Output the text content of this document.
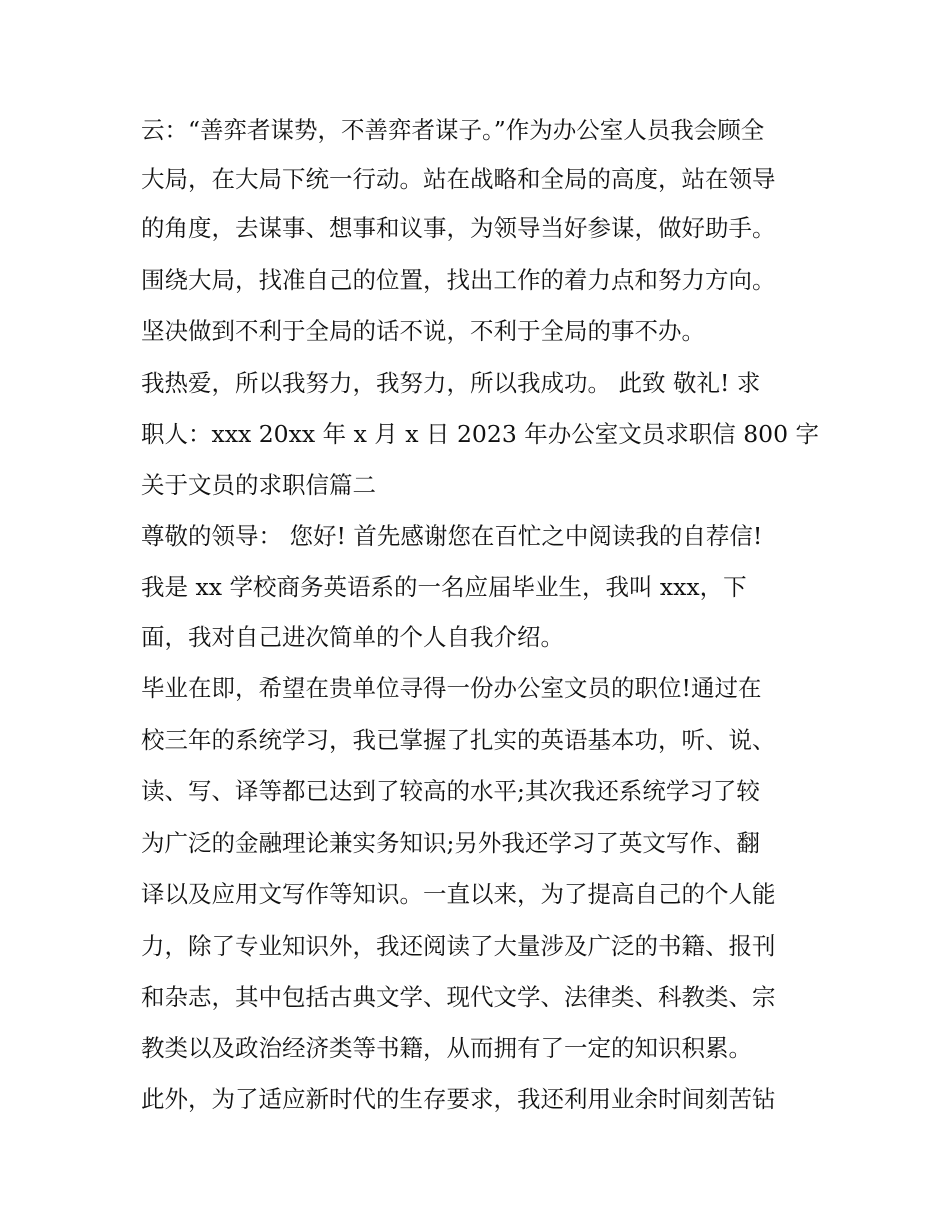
云：“善弈者谋势，不善弈者谋子。”作为办公室人员我会顾全
大局，在大局下统一行动。站在战略和全局的高度，站在领导
的角度，去谋事、想事和议事，为领导当好参谋，做好助手。
围绕大局，找准自己的位置，找出工作的着力点和努力方向。
坚决做到不利于全局的话不说，不利于全局的事不办。
我热爱，所以我努力，我努力，所以我成功。 此致 敬礼! 求
职人：xxx 20xx 年 x 月 x 日 2023 年办公室文员求职信 800 字
关于文员的求职信篇二
尊敬的领导： 您好! 首先感谢您在百忙之中阅读我的自荐信!
我是 xx 学校商务英语系的一名应届毕业生，我叫 xxx，下
面，我对自己进次简单的个人自我介绍。
毕业在即，希望在贵单位寻得一份办公室文员的职位!通过在
校三年的系统学习，我已掌握了扎实的英语基本功，听、说、
读、写、译等都已达到了较高的水平;其次我还系统学习了较
为广泛的金融理论兼实务知识;另外我还学习了英文写作、翻
译以及应用文写作等知识。一直以来，为了提高自己的个人能
力，除了专业知识外，我还阅读了大量涉及广泛的书籍、报刊
和杂志，其中包括古典文学、现代文学、法律类、科教类、宗
教类以及政治经济类等书籍，从而拥有了一定的知识积累。
此外，为了适应新时代的生存要求，我还利用业余时间刻苦钻
